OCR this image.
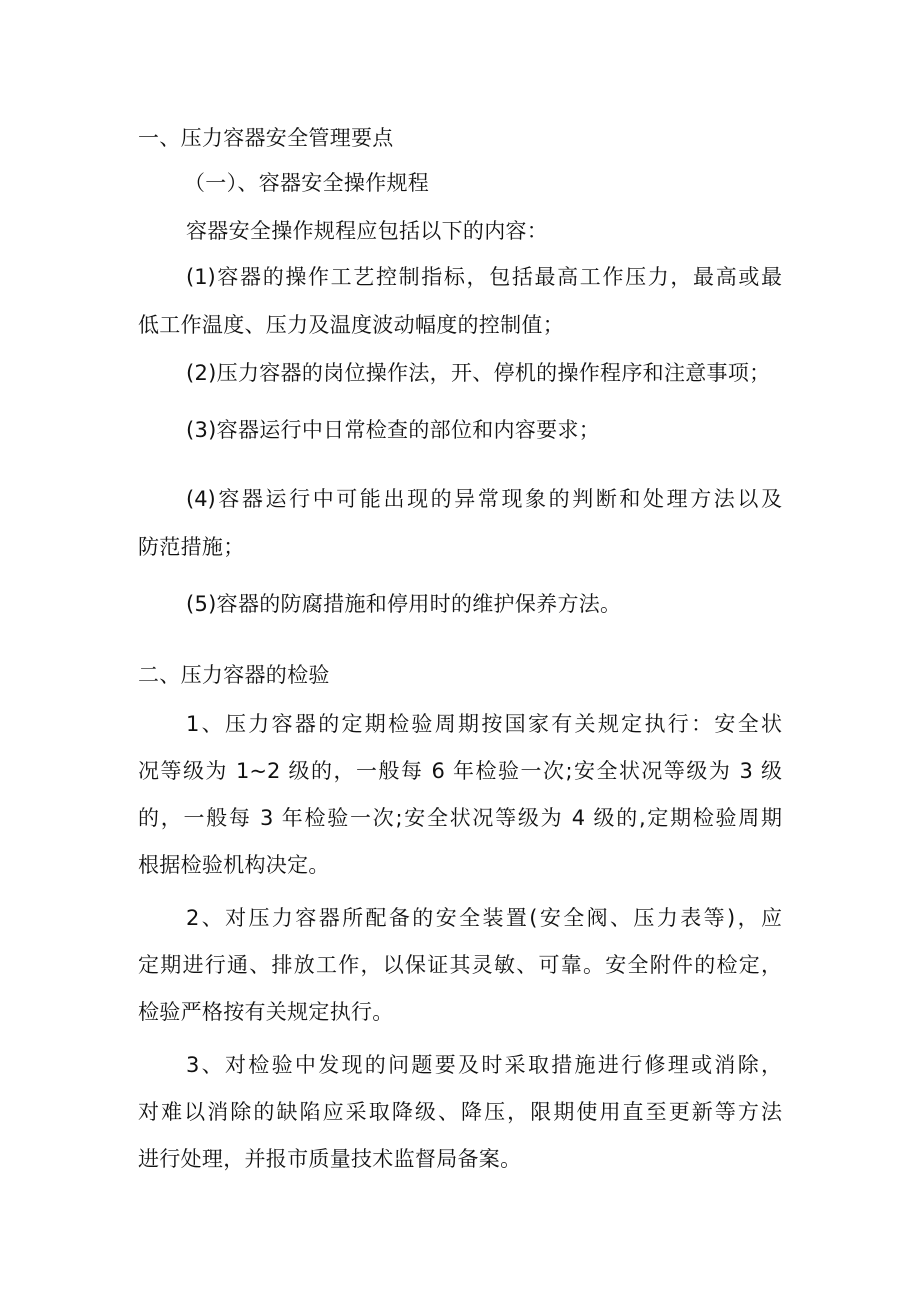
一、压力容器安全管理要点

（一）、容器安全操作规程

容器安全操作规程应包括以下的内容：

(1)容器的操作工艺控制指标，包括最高工作压力，最高或最

低工作温度、压力及温度波动幅度的控制值；

(2)压力容器的岗位操作法，开、停机的操作程序和注意事项；

(3)容器运行中日常检查的部位和内容要求；

(4)容器运行中可能出现的异常现象的判断和处理方法以及

防范措施；

(5)容器的防腐措施和停用时的维护保养方法。

二、压力容器的检验

1、压力容器的定期检验周期按国家有关规定执行：安全状

况等级为 1~2 级的，一般每 6 年检验一次;安全状况等级为 3 级

的，一般每 3 年检验一次;安全状况等级为 4 级的,定期检验周期

根据检验机构决定。

2、对压力容器所配备的安全装置(安全阀、压力表等)，应

定期进行通、排放工作，以保证其灵敏、可靠。安全附件的检定，

检验严格按有关规定执行。

3、对检验中发现的问题要及时采取措施进行修理或消除，

对难以消除的缺陷应采取降级、降压，限期使用直至更新等方法

进行处理，并报市质量技术监督局备案。
